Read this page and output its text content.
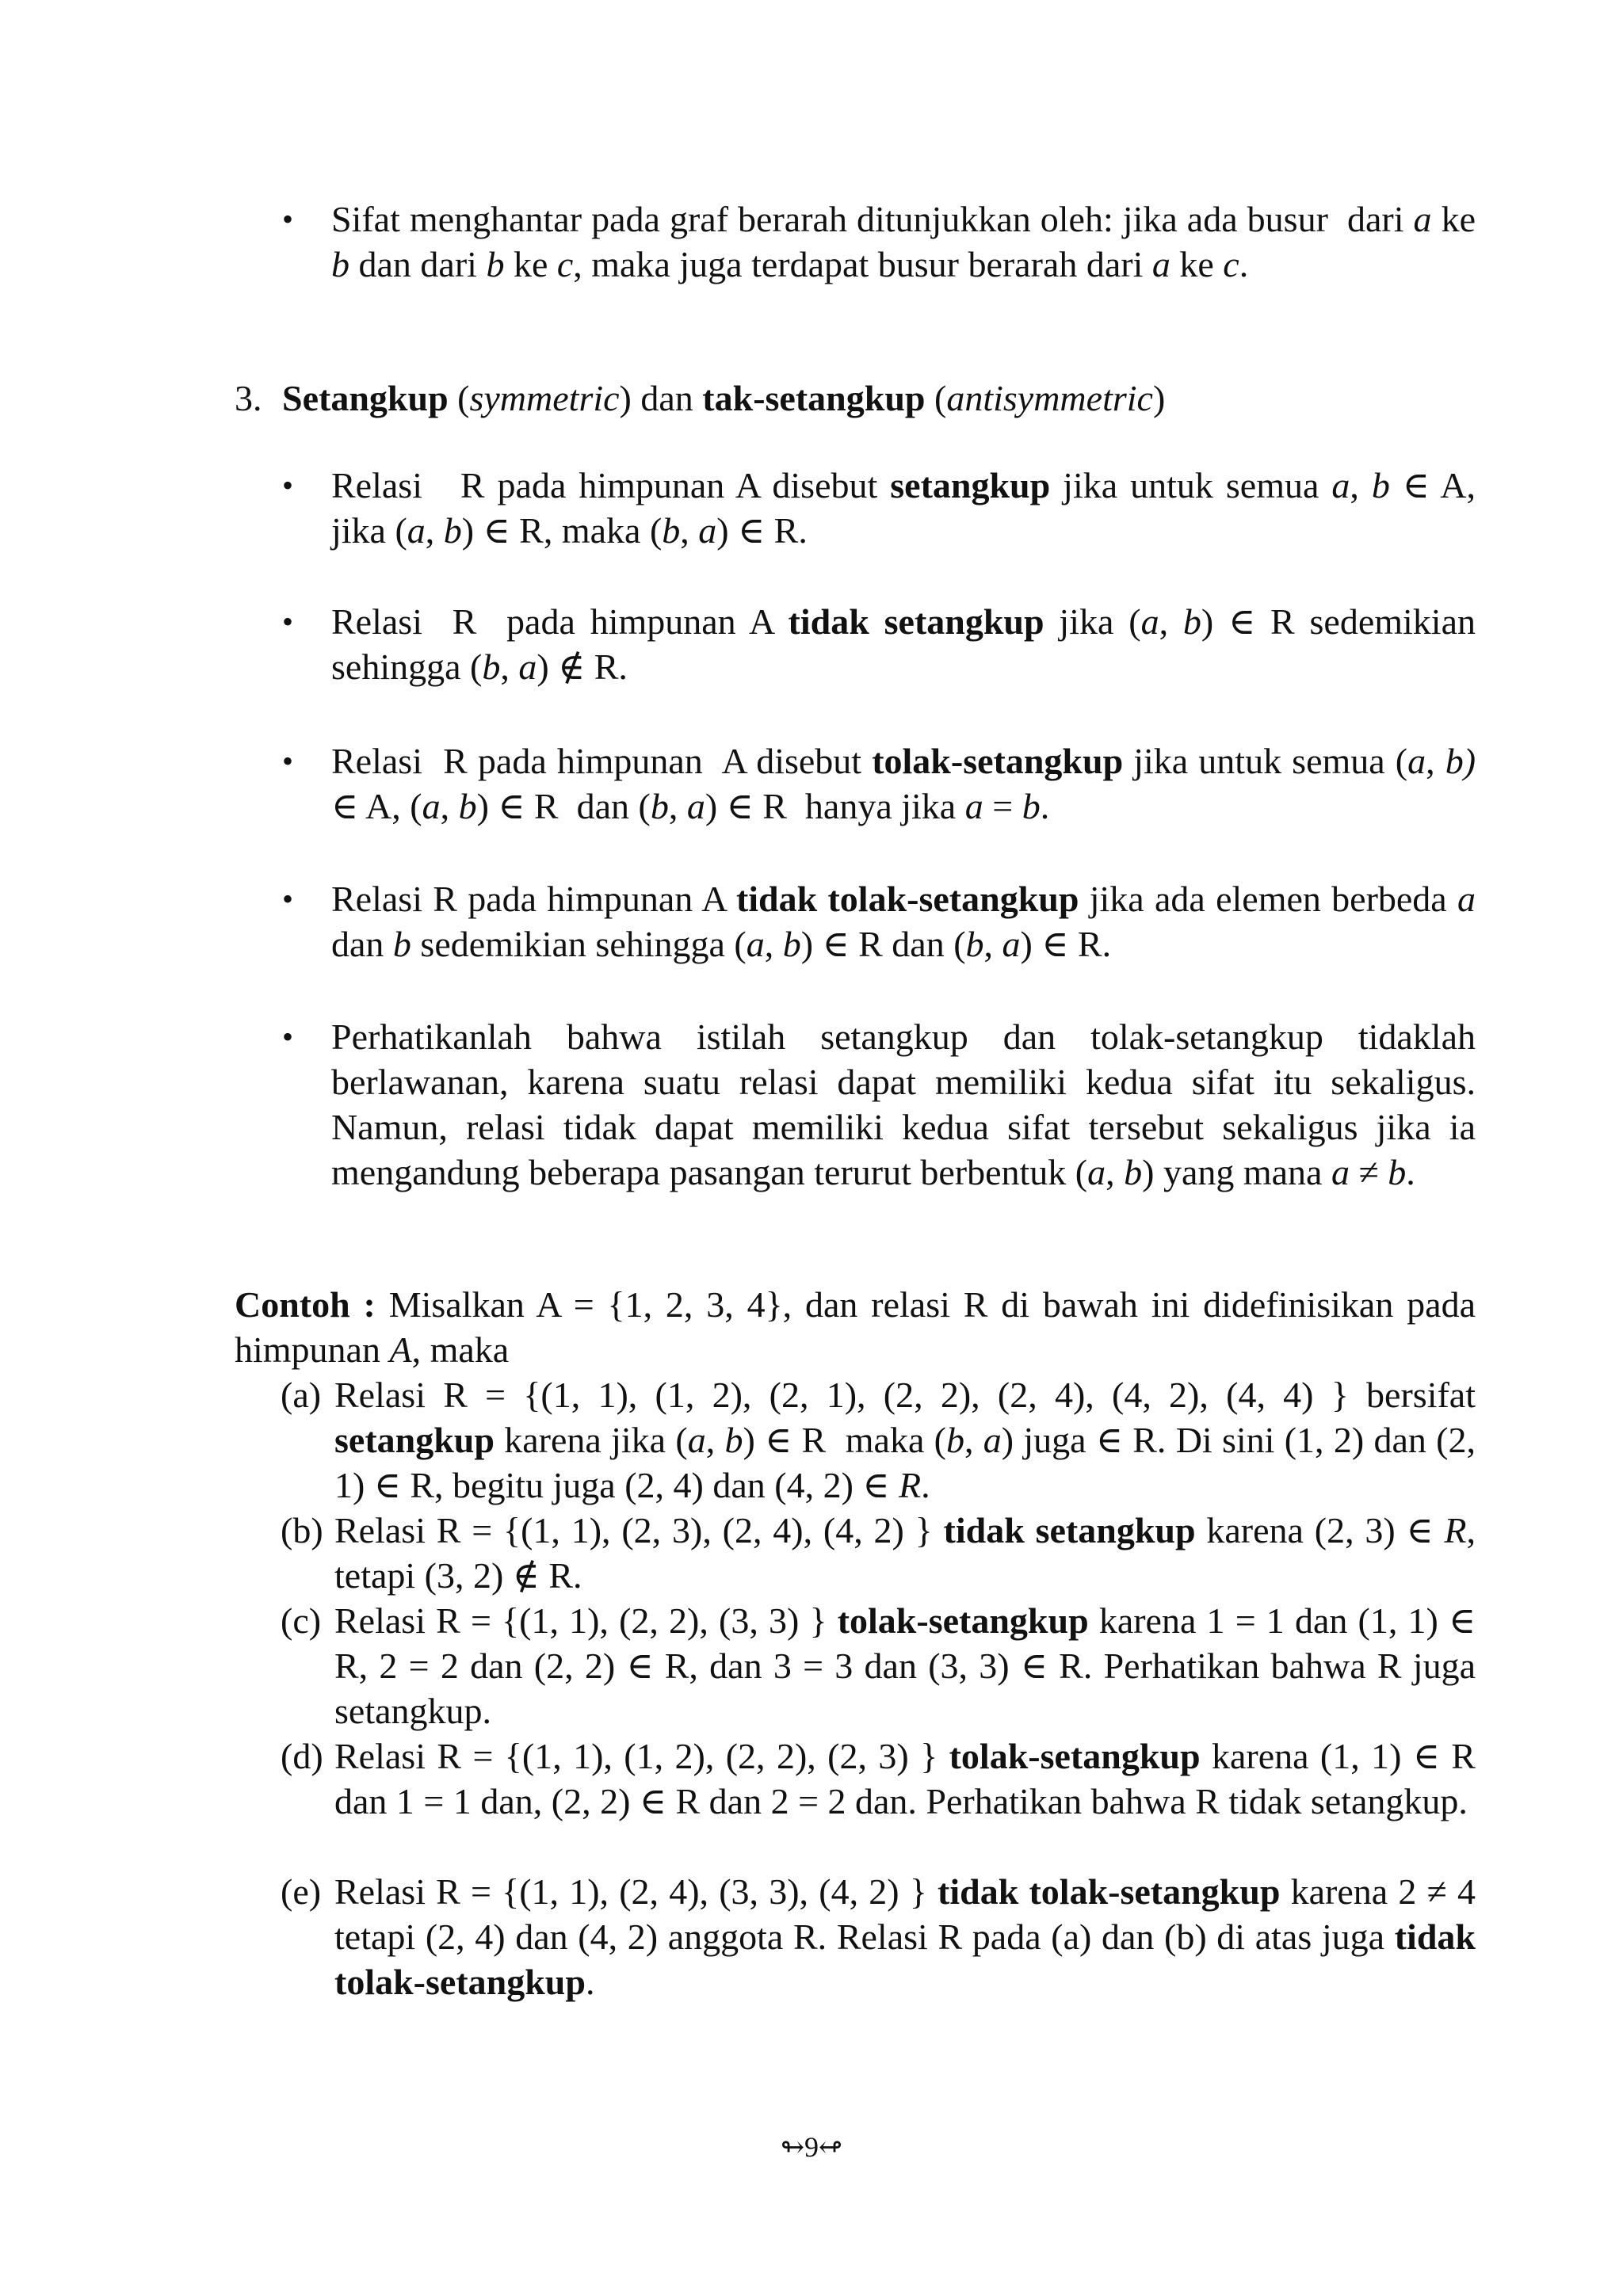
• Sifat menghantar pada graf berarah ditunjukkan oleh: jika ada busur  dari a ke b dan dari b ke c, maka juga terdapat busur berarah dari a ke c.
3. Setangkup (symmetric) dan tak-setangkup (antisymmetric)
• Relasi   R pada himpunan A disebut setangkup jika untuk semua a, b ∈ A, jika (a, b) ∈ R, maka (b, a) ∈ R.
• Relasi  R  pada himpunan A tidak setangkup jika (a, b) ∈ R sedemikian sehingga (b, a) ∉ R.
• Relasi  R pada himpunan  A disebut tolak-setangkup jika untuk semua (a, b) ∈ A, (a, b) ∈ R  dan (b, a) ∈ R  hanya jika a = b.
• Relasi R pada himpunan A tidak tolak-setangkup jika ada elemen berbeda a dan b sedemikian sehingga (a, b) ∈ R dan (b, a) ∈ R.
• Perhatikanlah bahwa istilah setangkup dan tolak-setangkup tidaklah berlawanan, karena suatu relasi dapat memiliki kedua sifat itu sekaligus. Namun, relasi tidak dapat memiliki kedua sifat tersebut sekaligus jika ia mengandung beberapa pasangan terurut berbentuk (a, b) yang mana a ≠ b.
Contoh : Misalkan A = {1, 2, 3, 4}, dan relasi R di bawah ini didefinisikan pada himpunan A, maka
(a) Relasi R = {(1, 1), (1, 2), (2, 1), (2, 2), (2, 4), (4, 2), (4, 4) } bersifat setangkup karena jika (a, b) ∈ R  maka (b, a) juga ∈ R. Di sini (1, 2) dan (2, 1) ∈ R, begitu juga (2, 4) dan (4, 2) ∈ R.
(b) Relasi R = {(1, 1), (2, 3), (2, 4), (4, 2) } tidak setangkup karena (2, 3) ∈ R, tetapi (3, 2) ∉ R.
(c) Relasi R = {(1, 1), (2, 2), (3, 3) } tolak-setangkup karena 1 = 1 dan (1, 1) ∈ R, 2 = 2 dan (2, 2) ∈ R, dan 3 = 3 dan (3, 3) ∈ R. Perhatikan bahwa R juga setangkup.
(d) Relasi R = {(1, 1), (1, 2), (2, 2), (2, 3) } tolak-setangkup karena (1, 1) ∈ R dan 1 = 1 dan, (2, 2) ∈ R dan 2 = 2 dan. Perhatikan bahwa R tidak setangkup.
(e) Relasi R = {(1, 1), (2, 4), (3, 3), (4, 2) } tidak tolak-setangkup karena 2 ≠ 4 tetapi (2, 4) dan (4, 2) anggota R. Relasi R pada (a) dan (b) di atas juga tidak tolak-setangkup.
↬9↫
